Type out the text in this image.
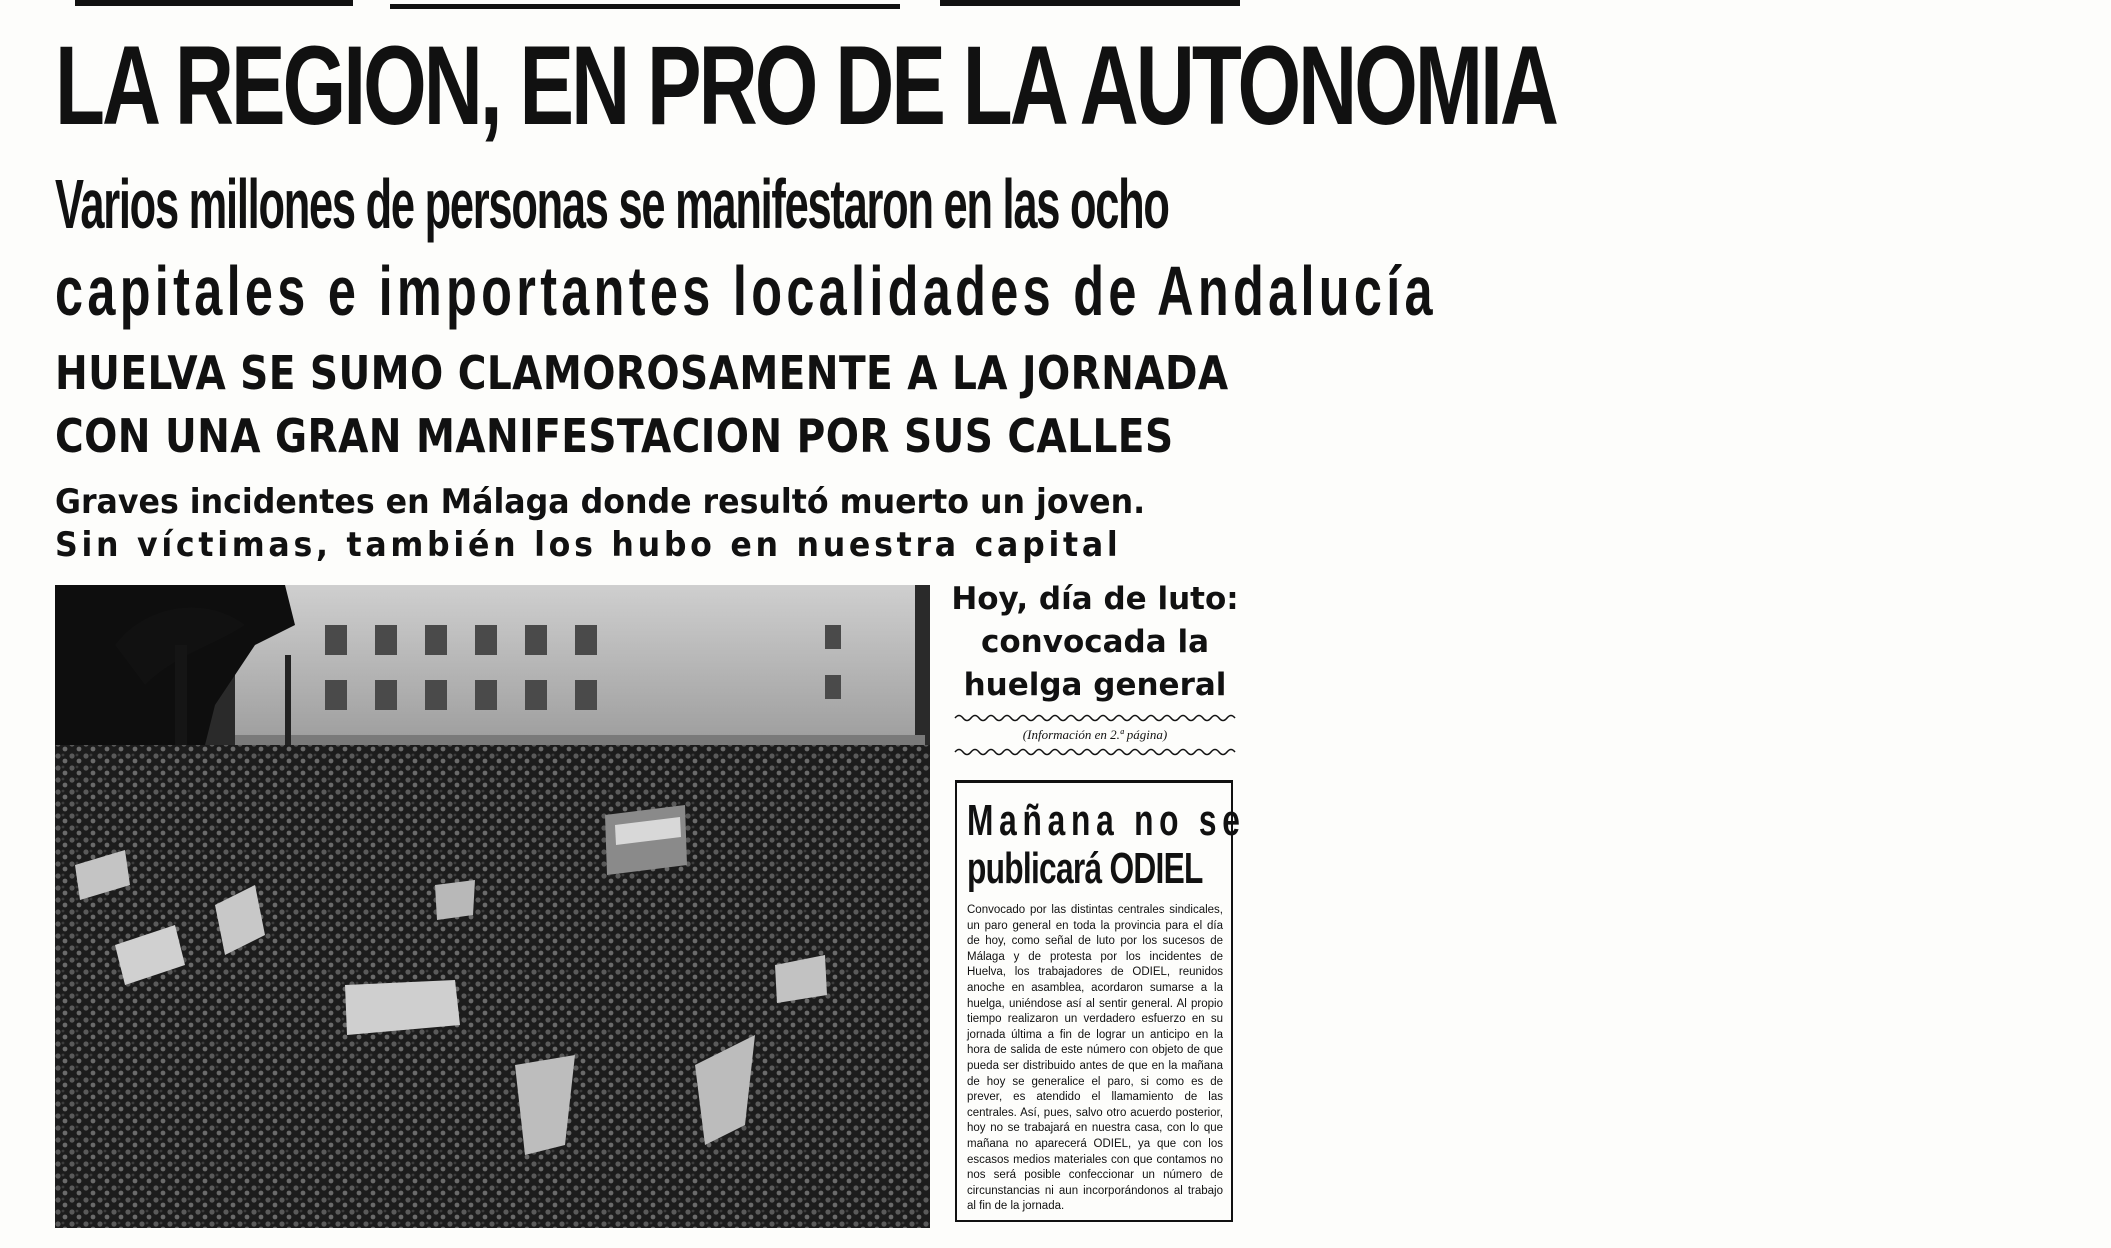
LA REGION, EN PRO DE LA AUTONOMIA
Varios millones de personas se manifestaron en las ocho
capitales e importantes localidades de Andalucía
HUELVA SE SUMO CLAMOROSAMENTE A LA JORNADA
CON UNA GRAN MANIFESTACION POR SUS CALLES
Graves incidentes en Málaga donde resultó muerto un joven.
Sin víctimas, también los hubo en nuestra capital
Hoy, día de luto:
convocada la
huelga general
(Información en 2.ª página)
Mañana no se
publicará ODIEL
Convocado por las distintas centrales sindicales, un paro general en toda la provincia para el día de hoy, como señal de luto por los sucesos de Málaga y de protesta por los incidentes de Huelva, los trabajadores de ODIEL, reunidos anoche en asamblea, acordaron sumarse a la huelga, uniéndose así al sentir general. Al propio tiempo realizaron un verdadero esfuerzo en su jornada última a fin de lograr un anticipo en la hora de salida de este número con objeto de que pueda ser distribuido antes de que en la mañana de hoy se generalice el paro, si como es de prever, es atendido el llamamiento de las centrales. Así, pues, salvo otro acuerdo posterior, hoy no se trabajará en nuestra casa, con lo que mañana no aparecerá ODIEL, ya que con los escasos medios materiales con que contamos no nos será posible confeccionar un número de circunstancias ni aun incorporándonos al trabajo al fin de la jornada.
